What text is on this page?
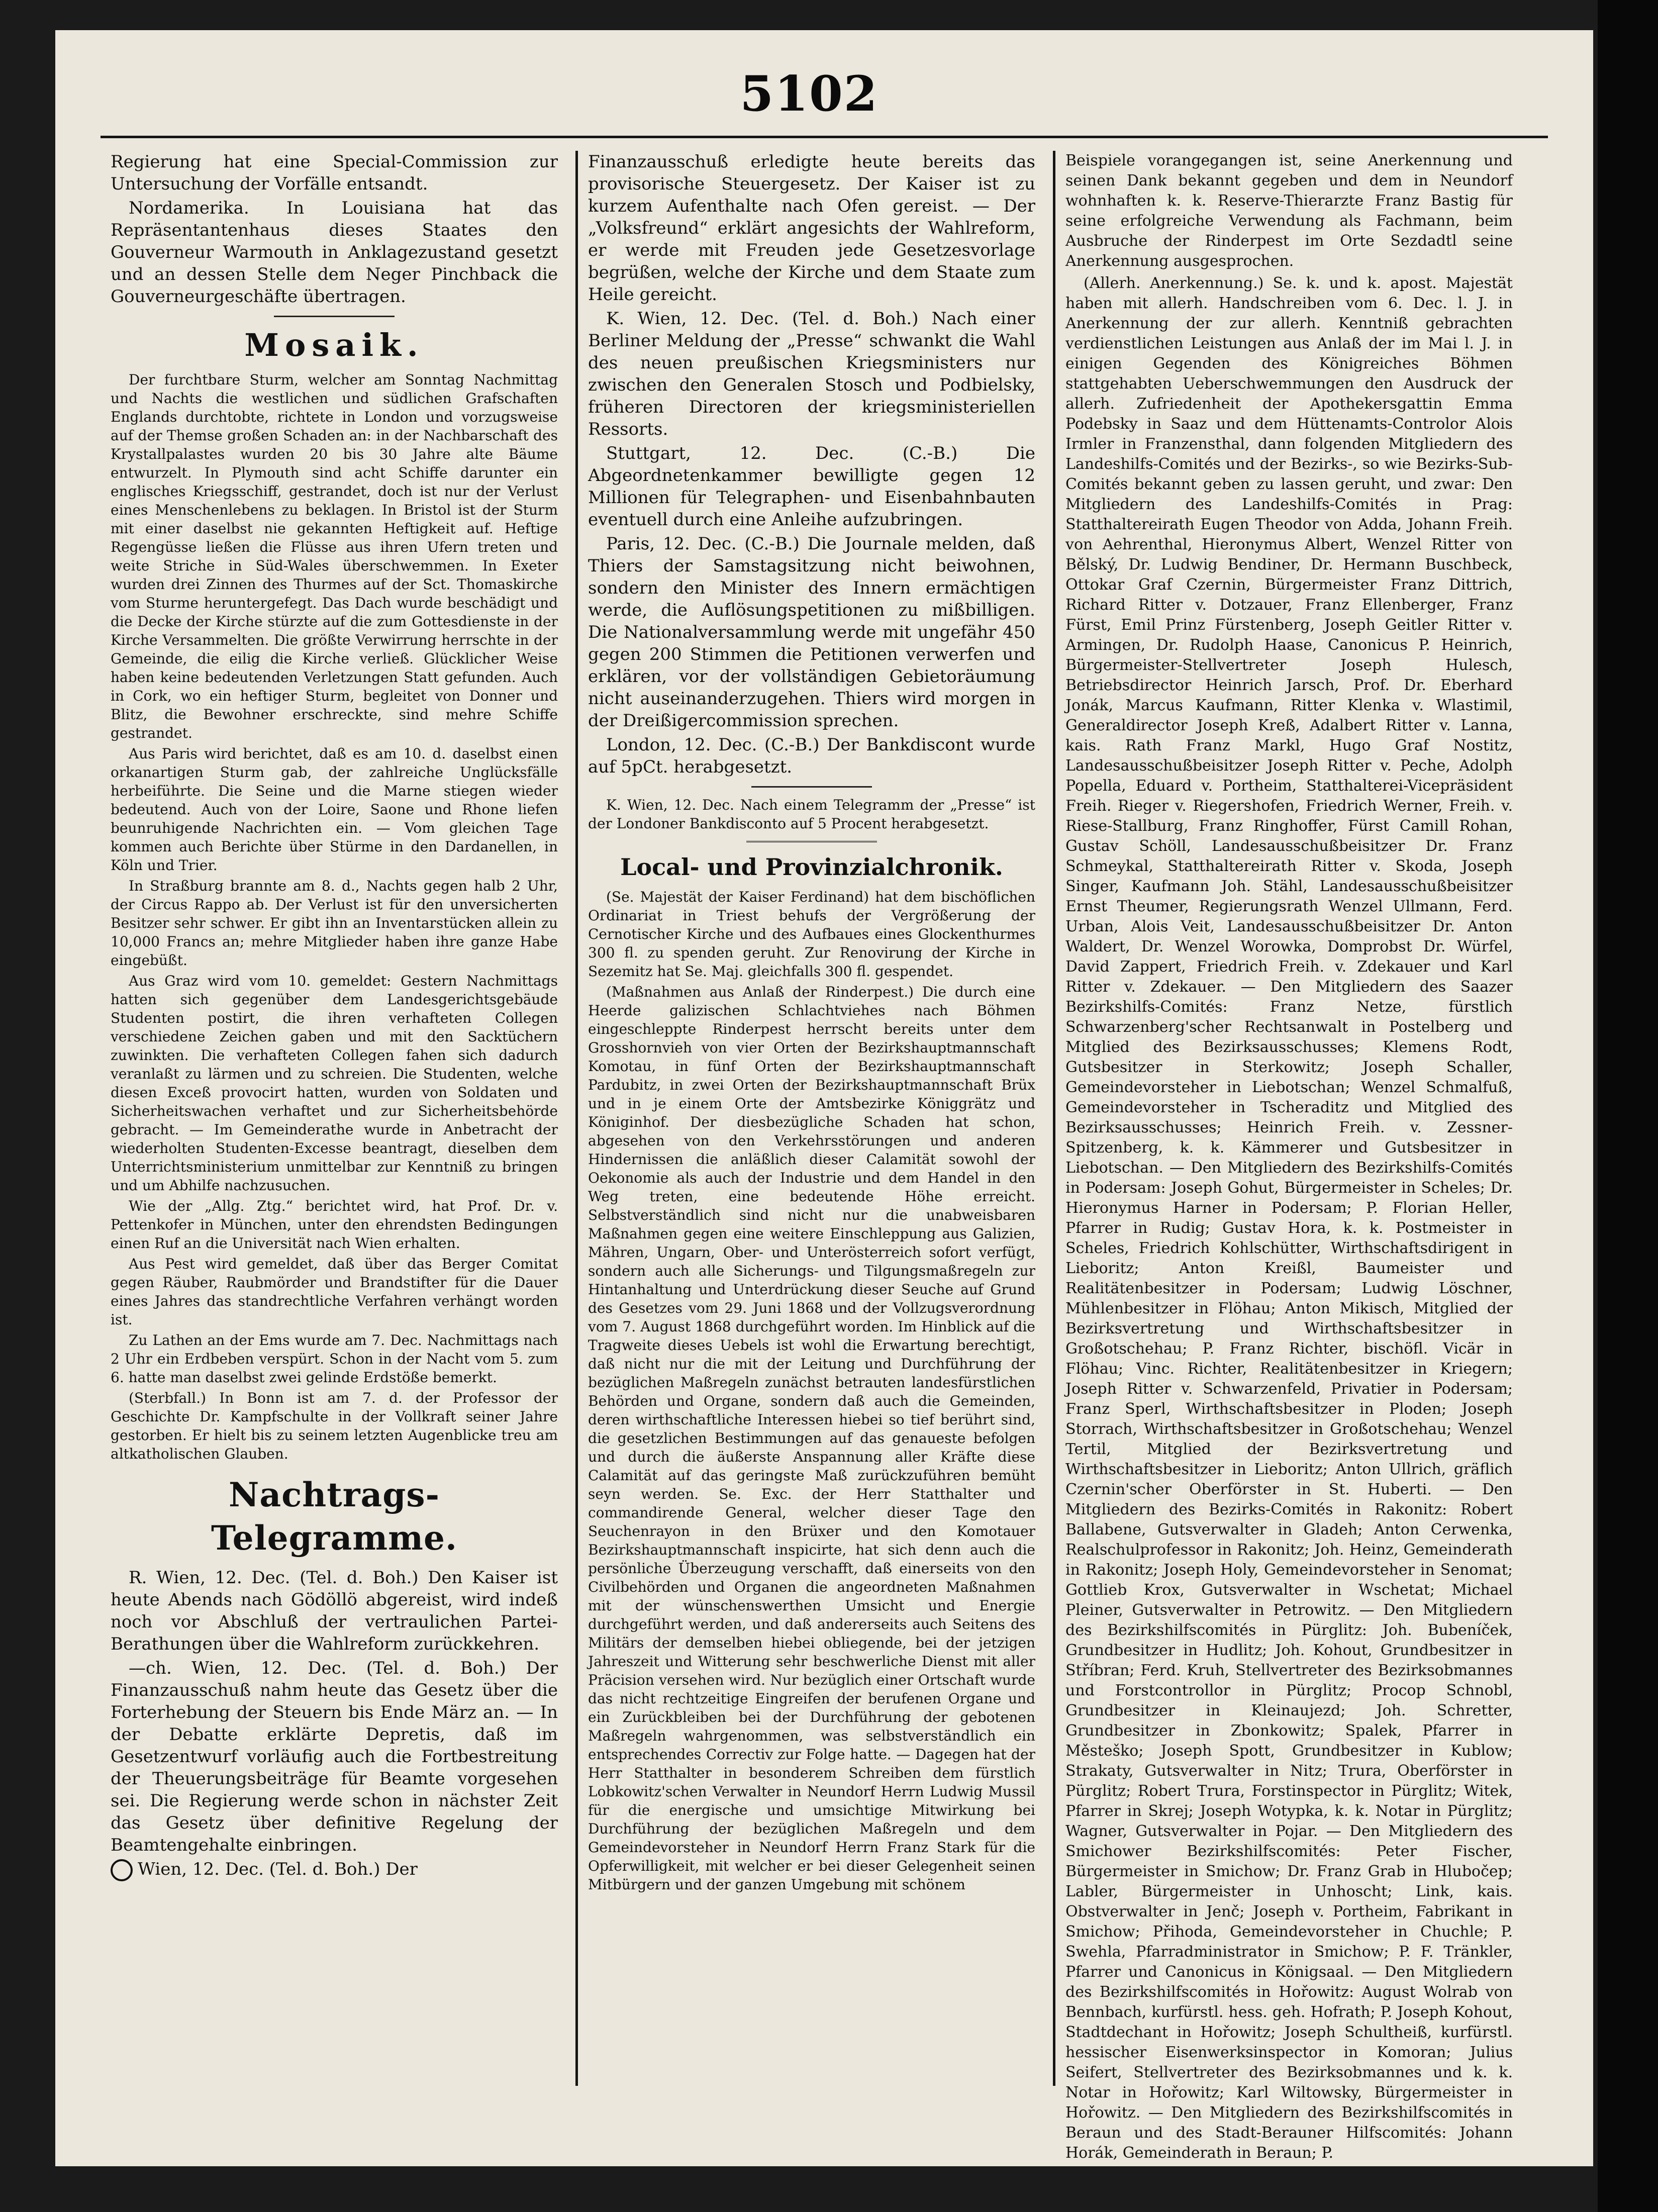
5102

Regierung hat eine Special-Commission zur Untersuchung der Vorfälle entsandt.

Nordamerika. In Louisiana hat das Repräsentantenhaus dieses Staates den Gouverneur Warmouth in Anklagezustand gesetzt und an dessen Stelle dem Neger Pinchback die Gouverneurgeschäfte übertragen.

Mosaik.

Der furchtbare Sturm, welcher am Sonntag Nachmittag und Nachts die westlichen und südlichen Grafschaften Englands durchtobte, richtete in London und vorzugsweise auf der Themse großen Schaden an: in der Nachbarschaft des Krystallpalastes wurden 20 bis 30 Jahre alte Bäume entwurzelt. In Plymouth sind acht Schiffe darunter ein englisches Kriegsschiff, gestrandet, doch ist nur der Verlust eines Menschenlebens zu beklagen. In Bristol ist der Sturm mit einer daselbst nie gekannten Heftigkeit auf. Heftige Regengüsse ließen die Flüsse aus ihren Ufern treten und weite Striche in Süd-Wales überschwemmen. In Exeter wurden drei Zinnen des Thurmes auf der Sct. Thomaskirche vom Sturme heruntergefegt. Das Dach wurde beschädigt und die Decke der Kirche stürzte auf die zum Gottesdienste in der Kirche Versammelten. Die größte Verwirrung herrschte in der Gemeinde, die eilig die Kirche verließ. Glücklicher Weise haben keine bedeutenden Verletzungen Statt gefunden. Auch in Cork, wo ein heftiger Sturm, begleitet von Donner und Blitz, die Bewohner erschreckte, sind mehre Schiffe gestrandet.

Aus Paris wird berichtet, daß es am 10. d. daselbst einen orkanartigen Sturm gab, der zahlreiche Unglücksfälle herbeiführte. Die Seine und die Marne stiegen wieder bedeutend. Auch von der Loire, Saone und Rhone liefen beunruhigende Nachrichten ein. — Vom gleichen Tage kommen auch Berichte über Stürme in den Dardanellen, in Köln und Trier.

In Straßburg brannte am 8. d., Nachts gegen halb 2 Uhr, der Circus Rappo ab. Der Verlust ist für den unversicherten Besitzer sehr schwer. Er gibt ihn an Inventarstücken allein zu 10,000 Francs an; mehre Mitglieder haben ihre ganze Habe eingebüßt.

Aus Graz wird vom 10. gemeldet: Gestern Nachmittags hatten sich gegenüber dem Landesgerichtsgebäude Studenten postirt, die ihren verhafteten Collegen verschiedene Zeichen gaben und mit den Sacktüchern zuwinkten. Die verhafteten Collegen fahen sich dadurch veranlaßt zu lärmen und zu schreien. Die Studenten, welche diesen Exceß provocirt hatten, wurden von Soldaten und Sicherheitswachen verhaftet und zur Sicherheitsbehörde gebracht. — Im Gemeinderathe wurde in Anbetracht der wiederholten Studenten-Excesse beantragt, dieselben dem Unterrichtsministerium unmittelbar zur Kenntniß zu bringen und um Abhilfe nachzusuchen.

Wie der „Allg. Ztg.“ berichtet wird, hat Prof. Dr. v. Pettenkofer in München, unter den ehrendsten Bedingungen einen Ruf an die Universität nach Wien erhalten.

Aus Pest wird gemeldet, daß über das Berger Comitat gegen Räuber, Raubmörder und Brandstifter für die Dauer eines Jahres das standrechtliche Verfahren verhängt worden ist.

Zu Lathen an der Ems wurde am 7. Dec. Nachmittags nach 2 Uhr ein Erdbeben verspürt. Schon in der Nacht vom 5. zum 6. hatte man daselbst zwei gelinde Erdstöße bemerkt.

(Sterbfall.) In Bonn ist am 7. d. der Professor der Geschichte Dr. Kampfschulte in der Vollkraft seiner Jahre gestorben. Er hielt bis zu seinem letzten Augenblicke treu am altkatholischen Glauben.

Nachtrags-Telegramme.

R. Wien, 12. Dec. (Tel. d. Boh.) Den Kaiser ist heute Abends nach Gödöllö abgereist, wird indeß noch vor Abschluß der vertraulichen Partei-Berathungen über die Wahlreform zurückkehren.

—ch. Wien, 12. Dec. (Tel. d. Boh.) Der Finanzausschuß nahm heute das Gesetz über die Forterhebung der Steuern bis Ende März an. — In der Debatte erklärte Depretis, daß im Gesetzentwurf vorläufig auch die Fortbestreitung der Theuerungsbeiträge für Beamte vorgesehen sei. Die Regierung werde schon in nächster Zeit das Gesetz über definitive Regelung der Beamtengehalte einbringen.

Wien, 12. Dec. (Tel. d. Boh.) Der

Finanzausschuß erledigte heute bereits das provisorische Steuergesetz. Der Kaiser ist zu kurzem Aufenthalte nach Ofen gereist. — Der „Volksfreund“ erklärt angesichts der Wahlreform, er werde mit Freuden jede Gesetzesvorlage begrüßen, welche der Kirche und dem Staate zum Heile gereicht.

K. Wien, 12. Dec. (Tel. d. Boh.) Nach einer Berliner Meldung der „Presse“ schwankt die Wahl des neuen preußischen Kriegsministers nur zwischen den Generalen Stosch und Podbielsky, früheren Directoren der kriegsministeriellen Ressorts.

Stuttgart, 12. Dec. (C.-B.) Die Abgeordnetenkammer bewilligte gegen 12 Millionen für Telegraphen- und Eisenbahnbauten eventuell durch eine Anleihe aufzubringen.

Paris, 12. Dec. (C.-B.) Die Journale melden, daß Thiers der Samstagsitzung nicht beiwohnen, sondern den Minister des Innern ermächtigen werde, die Auflösungspetitionen zu mißbilligen. Die Nationalversammlung werde mit ungefähr 450 gegen 200 Stimmen die Petitionen verwerfen und erklären, vor der vollständigen Gebietoräumung nicht auseinanderzugehen. Thiers wird morgen in der Dreißigercommission sprechen.

London, 12. Dec. (C.-B.) Der Bankdiscont wurde auf 5pCt. herabgesetzt.

K. Wien, 12. Dec. Nach einem Telegramm der „Presse“ ist der Londoner Bankdisconto auf 5 Procent herabgesetzt.

Local- und Provinzialchronik.

(Se. Majestät der Kaiser Ferdinand) hat dem bischöflichen Ordinariat in Triest behufs der Vergrößerung der Cernotischer Kirche und des Aufbaues eines Glockenthurmes 300 fl. zu spenden geruht. Zur Renovirung der Kirche in Sezemitz hat Se. Maj. gleichfalls 300 fl. gespendet.

(Maßnahmen aus Anlaß der Rinderpest.) Die durch eine Heerde galizischen Schlachtviehes nach Böhmen eingeschleppte Rinderpest herrscht bereits unter dem Grosshornvieh von vier Orten der Bezirkshauptmannschaft Komotau, in fünf Orten der Bezirkshauptmannschaft Pardubitz, in zwei Orten der Bezirkshauptmannschaft Brüx und in je einem Orte der Amtsbezirke Königgrätz und Königinhof. Der diesbezügliche Schaden hat schon, abgesehen von den Verkehrsstörungen und anderen Hindernissen die anläßlich dieser Calamität sowohl der Oekonomie als auch der Industrie und dem Handel in den Weg treten, eine bedeutende Höhe erreicht. Selbstverständlich sind nicht nur die unabweisbaren Maßnahmen gegen eine weitere Einschleppung aus Galizien, Mähren, Ungarn, Ober- und Unterösterreich sofort verfügt, sondern auch alle Sicherungs- und Tilgungsmaßregeln zur Hintanhaltung und Unterdrückung dieser Seuche auf Grund des Gesetzes vom 29. Juni 1868 und der Vollzugsverordnung vom 7. August 1868 durchgeführt worden. Im Hinblick auf die Tragweite dieses Uebels ist wohl die Erwartung berechtigt, daß nicht nur die mit der Leitung und Durchführung der bezüglichen Maßregeln zunächst betrauten landesfürstlichen Behörden und Organe, sondern daß auch die Gemeinden, deren wirthschaftliche Interessen hiebei so tief berührt sind, die gesetzlichen Bestimmungen auf das genaueste befolgen und durch die äußerste Anspannung aller Kräfte diese Calamität auf das geringste Maß zurückzuführen bemüht seyn werden. Se. Exc. der Herr Statthalter und commandirende General, welcher dieser Tage den Seuchenrayon in den Brüxer und den Komotauer Bezirkshauptmannschaft inspicirte, hat sich denn auch die persönliche Überzeugung verschafft, daß einerseits von den Civilbehörden und Organen die angeordneten Maßnahmen mit der wünschenswerthen Umsicht und Energie durchgeführt werden, und daß andererseits auch Seitens des Militärs der demselben hiebei obliegende, bei der jetzigen Jahreszeit und Witterung sehr beschwerliche Dienst mit aller Präcision versehen wird. Nur bezüglich einer Ortschaft wurde das nicht rechtzeitige Eingreifen der berufenen Organe und ein Zurückbleiben bei der Durchführung der gebotenen Maßregeln wahrgenommen, was selbstverständlich ein entsprechendes Correctiv zur Folge hatte. — Dagegen hat der Herr Statthalter in besonderem Schreiben dem fürstlich Lobkowitz'schen Verwalter in Neundorf Herrn Ludwig Mussil für die energische und umsichtige Mitwirkung bei Durchführung der bezüglichen Maßregeln und dem Gemeindevorsteher in Neundorf Herrn Franz Stark für die Opferwilligkeit, mit welcher er bei dieser Gelegenheit seinen Mitbürgern und der ganzen Umgebung mit schönem

Beispiele vorangegangen ist, seine Anerkennung und seinen Dank bekannt gegeben und dem in Neundorf wohnhaften k. k. Reserve-Thierarzte Franz Bastig für seine erfolgreiche Verwendung als Fachmann, beim Ausbruche der Rinderpest im Orte Sezdadtl seine Anerkennung ausgesprochen.

(Allerh. Anerkennung.) Se. k. und k. apost. Majestät haben mit allerh. Handschreiben vom 6. Dec. l. J. in Anerkennung der zur allerh. Kenntniß gebrachten verdienstlichen Leistungen aus Anlaß der im Mai l. J. in einigen Gegenden des Königreiches Böhmen stattgehabten Ueberschwemmungen den Ausdruck der allerh. Zufriedenheit der Apothekersgattin Emma Podebsky in Saaz und dem Hüttenamts-Controlor Alois Irmler in Franzensthal, dann folgenden Mitgliedern des Landeshilfs-Comités und der Bezirks-, so wie Bezirks-Sub-Comités bekannt geben zu lassen geruht, und zwar: Den Mitgliedern des Landeshilfs-Comités in Prag: Statthaltereirath Eugen Theodor von Adda, Johann Freih. von Aehrenthal, Hieronymus Albert, Wenzel Ritter von Bělský, Dr. Ludwig Bendiner, Dr. Hermann Buschbeck, Ottokar Graf Czernin, Bürgermeister Franz Dittrich, Richard Ritter v. Dotzauer, Franz Ellenberger, Franz Fürst, Emil Prinz Fürstenberg, Joseph Geitler Ritter v. Armingen, Dr. Rudolph Haase, Canonicus P. Heinrich, Bürgermeister-Stellvertreter Joseph Hulesch, Betriebsdirector Heinrich Jarsch, Prof. Dr. Eberhard Jonák, Marcus Kaufmann, Ritter Klenka v. Wlastimil, Generaldirector Joseph Kreß, Adalbert Ritter v. Lanna, kais. Rath Franz Markl, Hugo Graf Nostitz, Landesausschußbeisitzer Joseph Ritter v. Peche, Adolph Popella, Eduard v. Portheim, Statthalterei-Vicepräsident Freih. Rieger v. Riegershofen, Friedrich Werner, Freih. v. Riese-Stallburg, Franz Ringhoffer, Fürst Camill Rohan, Gustav Schöll, Landesausschußbeisitzer Dr. Franz Schmeykal, Statthaltereirath Ritter v. Skoda, Joseph Singer, Kaufmann Joh. Stähl, Landesausschußbeisitzer Ernst Theumer, Regierungsrath Wenzel Ullmann, Ferd. Urban, Alois Veit, Landesausschußbeisitzer Dr. Anton Waldert, Dr. Wenzel Worowka, Domprobst Dr. Würfel, David Zappert, Friedrich Freih. v. Zdekauer und Karl Ritter v. Zdekauer. — Den Mitgliedern des Saazer Bezirkshilfs-Comités: Franz Netze, fürstlich Schwarzenberg'scher Rechtsanwalt in Postelberg und Mitglied des Bezirksausschusses; Klemens Rodt, Gutsbesitzer in Sterkowitz; Joseph Schaller, Gemeindevorsteher in Liebotschan; Wenzel Schmalfuß, Gemeindevorsteher in Tscheraditz und Mitglied des Bezirksausschusses; Heinrich Freih. v. Zessner-Spitzenberg, k. k. Kämmerer und Gutsbesitzer in Liebotschan. — Den Mitgliedern des Bezirkshilfs-Comités in Podersam: Joseph Gohut, Bürgermeister in Scheles; Dr. Hieronymus Harner in Podersam; P. Florian Heller, Pfarrer in Rudig; Gustav Hora, k. k. Postmeister in Scheles, Friedrich Kohlschütter, Wirthschaftsdirigent in Lieboritz; Anton Kreißl, Baumeister und Realitätenbesitzer in Podersam; Ludwig Löschner, Mühlenbesitzer in Flöhau; Anton Mikisch, Mitglied der Bezirksvertretung und Wirthschaftsbesitzer in Großotschehau; P. Franz Richter, bischöfl. Vicär in Flöhau; Vinc. Richter, Realitätenbesitzer in Kriegern; Joseph Ritter v. Schwarzenfeld, Privatier in Podersam; Franz Sperl, Wirthschaftsbesitzer in Ploden; Joseph Storrach, Wirthschaftsbesitzer in Großotschehau; Wenzel Tertil, Mitglied der Bezirksvertretung und Wirthschaftsbesitzer in Lieboritz; Anton Ullrich, gräflich Czernin'scher Oberförster in St. Huberti. — Den Mitgliedern des Bezirks-Comités in Rakonitz: Robert Ballabene, Gutsverwalter in Gladeh; Anton Cerwenka, Realschulprofessor in Rakonitz; Joh. Heinz, Gemeinderath in Rakonitz; Joseph Holy, Gemeindevorsteher in Senomat; Gottlieb Krox, Gutsverwalter in Wschetat; Michael Pleiner, Gutsverwalter in Petrowitz. — Den Mitgliedern des Bezirkshilfscomités in Pürglitz: Joh. Bubeníček, Grundbesitzer in Hudlitz; Joh. Kohout, Grundbesitzer in Stříbran; Ferd. Kruh, Stellvertreter des Bezirksobmannes und Forstcontrollor in Pürglitz; Procop Schnobl, Grundbesitzer in Kleinaujezd; Joh. Schretter, Grundbesitzer in Zbonkowitz; Spalek, Pfarrer in Městeško; Joseph Spott, Grundbesitzer in Kublow; Strakaty, Gutsverwalter in Nitz; Trura, Oberförster in Pürglitz; Robert Trura, Forstinspector in Pürglitz; Witek, Pfarrer in Skrej; Joseph Wotypka, k. k. Notar in Pürglitz; Wagner, Gutsverwalter in Pojar. — Den Mitgliedern des Smichower Bezirkshilfscomités: Peter Fischer, Bürgermeister in Smichow; Dr. Franz Grab in Hlubočep; Labler, Bürgermeister in Unhoscht; Link, kais. Obstverwalter in Jenč; Joseph v. Portheim, Fabrikant in Smichow; Přihoda, Gemeindevorsteher in Chuchle; P. Swehla, Pfarradministrator in Smichow; P. F. Tränkler, Pfarrer und Canonicus in Königsaal. — Den Mitgliedern des Bezirkshilfscomités in Hořowitz: August Wolrab von Bennbach, kurfürstl. hess. geh. Hofrath; P. Joseph Kohout, Stadtdechant in Hořowitz; Joseph Schultheiß, kurfürstl. hessischer Eisenwerksinspector in Komoran; Julius Seifert, Stellvertreter des Bezirksobmannes und k. k. Notar in Hořowitz; Karl Wiltowsky, Bürgermeister in Hořowitz. — Den Mitgliedern des Bezirkshilfscomités in Beraun und des Stadt-Berauner Hilfscomités: Johann Horák, Gemeinderath in Beraun; P.
